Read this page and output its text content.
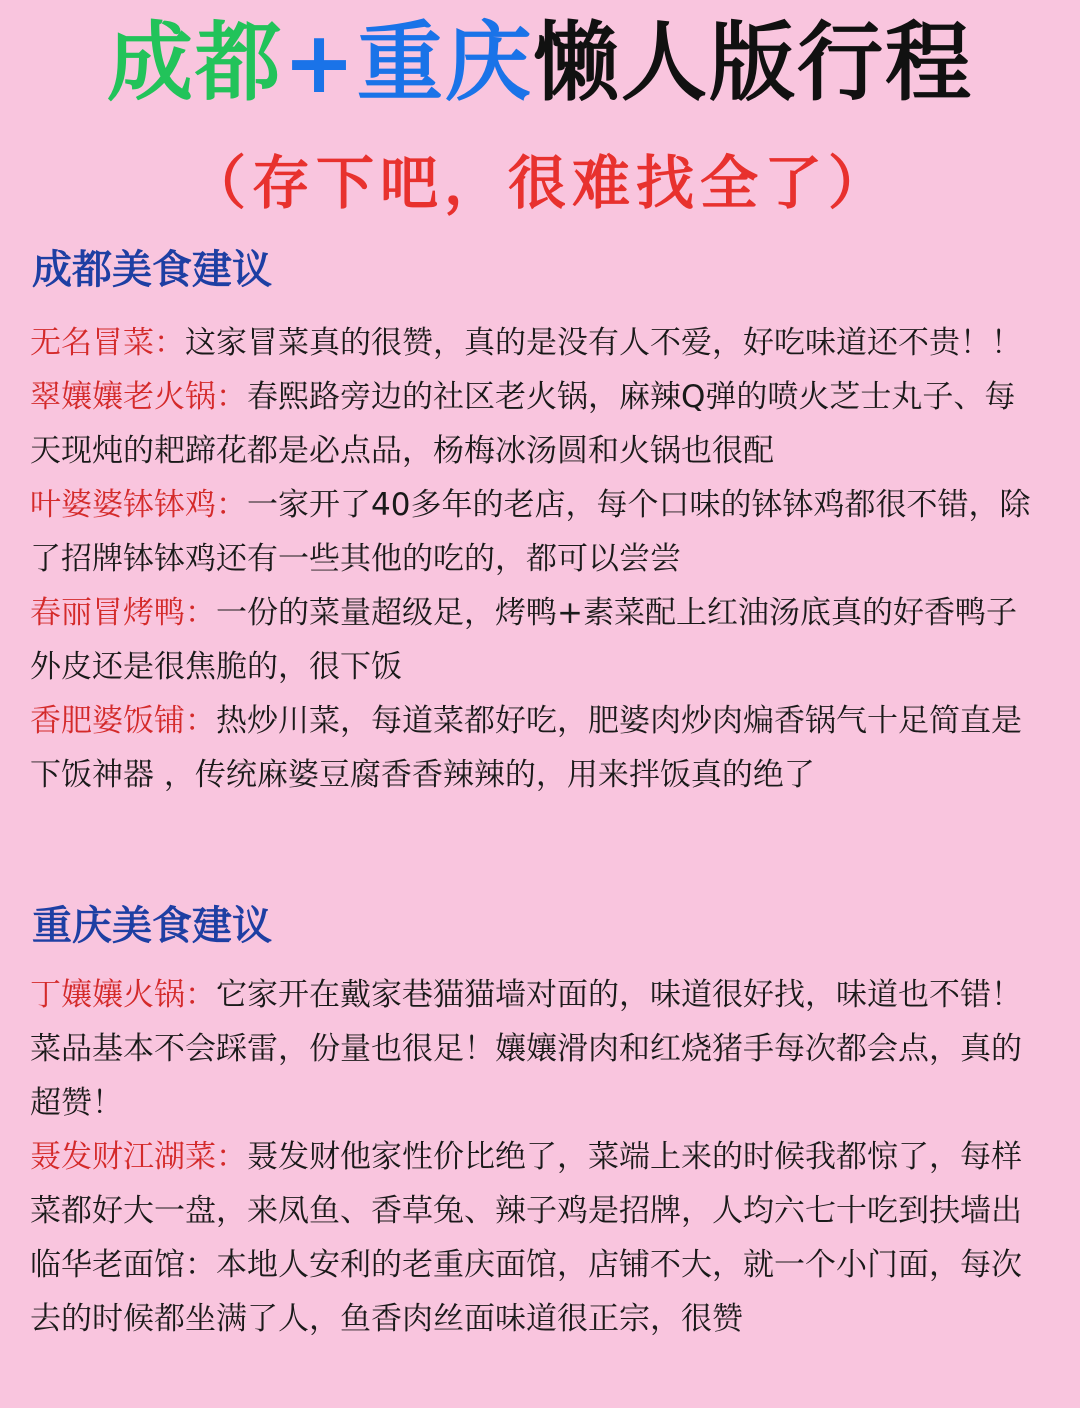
成都+重庆懒人版行程
（存下吧，很难找全了）
成都美食建议
无名冒菜：这家冒菜真的很赞，真的是没有人不爱，好吃味道还不贵！！
翠孃孃老火锅：春熙路旁边的社区老火锅，麻辣Q弹的喷火芝士丸子、每天现炖的耙蹄花都是必点品，杨梅冰汤圆和火锅也很配
叶婆婆钵钵鸡：一家开了40多年的老店，每个口味的钵钵鸡都很不错，除了招牌钵钵鸡还有一些其他的吃的，都可以尝尝
春丽冒烤鸭：一份的菜量超级足，烤鸭+素菜配上红油汤底真的好香鸭子外皮还是很焦脆的，很下饭
香肥婆饭铺：热炒川菜，每道菜都好吃，肥婆肉炒肉煸香锅气十足简直是下饭神器 ，传统麻婆豆腐香香辣辣的，用来拌饭真的绝了
重庆美食建议
丁孃孃火锅：它家开在戴家巷猫猫墙对面的，味道很好找，味道也不错！菜品基本不会踩雷，份量也很足！孃孃滑肉和红烧猪手每次都会点，真的超赞！
聂发财江湖菜：聂发财他家性价比绝了，菜端上来的时候我都惊了，每样菜都好大一盘，来凤鱼、香草兔、辣子鸡是招牌，人均六七十吃到扶墙出
临华老面馆：本地人安利的老重庆面馆，店铺不大，就一个小门面，每次去的时候都坐满了人，鱼香肉丝面味道很正宗，很赞
